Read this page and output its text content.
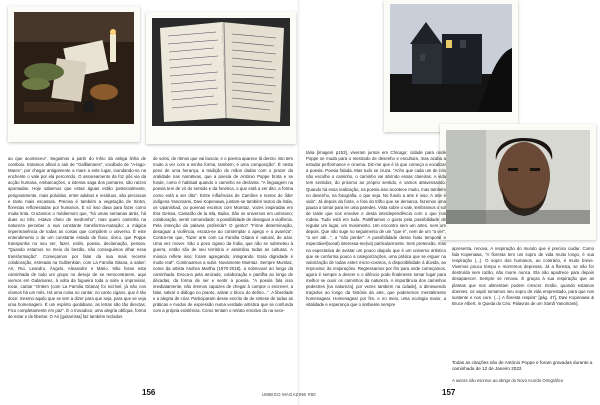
ao que aconteceu". Seguimos a partir do Inhio da antiga linha de comboio. Estamos afinal a sair de "Galllamares", vocábulo de "A-lago-Mares", por chegar antigamente a mare a este lugar, inundando-se na enchente o vale por ela percorrido. O assoreamento da foz pôs via da acção humana, embarcações, a intensa saga dos pomares, são raízes apontadas. Hoje sabemos que estas águas estão potencialmente, perigosamente, mais poluídas, entre adubos e resíduos, são preciosas e tanto mais escassas. Precisa é também a vegetação de Sintra, florestas reflorestadas por humanos. E só isso dava para fazer como muita tinta. Cruzamos o médiemom que, "há umas semanas atrás, há duas ou três, estava cheio de medronho", mas quem caminha na natureza perceber a sua constante transforma-mutação; a mágica impermanência de todas as coisas que compõem o universo. É este entendimento o de um constante estado de fluxo, ónico, que Poppe transpunha no seu ser, fazer, estilo, poesia, declamação, pessoa. "Quando estamos no meio do bestão, não conseguimos olhar essa transformação". Começamos por falar da sua mais recente colaboração, estreada na Gulbenkian, com La Familia Gitana, a saber: Ari, Rui, Leandro, Ângelo, Alexandre e Mário. Não fosse esta caminhada de todo um grupo no desejo de se reencontrarem, aqui viemos em Galamares, à volta da fogueira toda a noite a improvisar, tocar, cantar "Ontem (com La Familia Gitana) foi incrível, já não nos víamos há um mês. Há uma coisa no cantar, no canto cigano, que é tão doce: mesmo aquilo que se tem a dizer para que seja, para que se veja uma homenagem. É um espírito quotidiano, as letras são tão directas. Fico completamente em paz". É o trovadour, uma alegria oblíqua, forma de estar e de libertar. O Ari [guitarrista] faz também teclados

de solos, de ritmos que vai buscar, e o poema aparece lá dentro: isto tem muito a ver com a minha forma, também; é uma composição". É nesta peso de uma herança, a tradição de mãos dadas com o prazer da oralidade nas narrativas, que a poesia de António Poppe brota e se funde, como é habitual quando o caminho se declama. "A linguagem na poesia tem de vir do sentido e da fonética, o que está a ser dito, a forma como está a ser dito". Entre influências de Camões e textos do líder indígena Yanomami, Davi Kopenawa, juntam-se também textos da Índia, os Upanishad, ou poemas escritos com Mumtaz, vozes inspiradas em Ibra Geissa, Camarão de la Isla, Buika. São os universos em uníssono; colaboração, sentir comunidade; a possibilidade de desaguar a violência. Pela intenção da palavra proferida? O gesto? "Firme determinação, desaguar a violência, escuta-se ao contemplar o apego e a avaréza". Contra-me que, "fazer arte com La Familia Gitana é natural, de azar. Uma vez mover. São o povo cigano da Índia, que não se submeteu à guerra, então são de seu território e assimilou todas as culturas. A música reflete isso; foram agregando, integrando. Essa dignidade é muito real". Continuamos a subir. Novamente Mumtaz. Sempre Mumtaz, nome da artista Andrea Martha (1970-2018), a sobrevoar ao longo da caminhada. Evoca-a pela amizade, colaboração e partilha ao longo de décadas, da forma de ser e sentir a poesia. "A poesia fala isso imediatamente, não irremos capazes de chegar à compor o escrever, a falar, salvar o diálogo no pranto, salvar o bloco do delírio...". A liberdade e a alegria de criar. Participaram desse escrito de de sintese de todas as práticas e modos de expressão numa verdade artística que se confunda com a própria existência. Como tentam o retrato emotivo do na sece-

156

tária [imagem p153], viveram juntos em Chicago; cidade para onde Poppe se muda para o mestrado de desenho e escultura, mas acaba a estudar performance e cinema. Diz-me que é lá que começa a vocalizar a poesia. Poesia falada. Mas tudo se cruza. "Acho que cada um de nós não escolhe o caminho, o caminho vai abrindo essas clareiras. A vida tem sentidos, do próximo ao próprio sentido, e vamos atravessando. Quando há essa realização, na poesia isso acontece muito, mas também no desenho, na fotografia, o que seja. No fundo a arte é isso. A arte é vida". Já depois da fonte, e fora do trilho que se demarca, fazemos uma pausa a tomar para ler uma paredes. Vista sobre o vale, lembramos o sol de tarde que nos envolve e desta interdependência com o que nos rodeia. Tudo está em tudo. Partilhamos o gosto pela possibilidade de regular um lugar, um movimento. Um encontro sem um artes, nem um depois. Que não suge no seguimento de um "que é", nem de um "a ver", "a ver até...", a "não perder". A possibilidade desse hiato temporal e espectável(sonal) interessa-me(va) particularmente. Sem pretensão, mas na expectativa de avistar um pouco daquilo que é um universo artístico que se conforma pouco a categorizações, uma prática que se erguer na valorização de todas estes micro-cosmos, a disponibilidade à dúvida, ao improviso; às respirações. Regressamos por fim para onde começamos, agora é sempre a descer e o silêncio pode finalmente tomar lugar para melhor se ouvir os caminhos da natureza. A importância dos caminhos pedestres [na natureza], por vezes também na cidade], a diminuendo traçados ao longo da história da arte, que poderemos mentalmente homenagear. Homenagear por fim, e no meio, uma ecologia maior, a vitalidade e esperança que o ambiente sempre

apresenta, renova. A respiração do mundo que é preciso cuidar. Como fala Kopenawa, "A floresta tem um sopro de vida muito longo, é sua respiração (...). O sopro dos humanos, ao contrário, é muito breve. Vivemos pouco tempo e morremos depressa. Já a floresta, se não for destruída sem razão, não morre nunca. Ela não apodrece para depois desaparecer. Sempre se renova. É graças à sua respiração que as plantas que nos alimentam podem crescer. Então, quando estamos doentes, os xapiri tomamos seu sopro de vida emprestado, para que nos sustente e nos cure. (...) A floresta respira" [pág. 47], Davi Kopenawa & Bruce Albert, in Queda do Céu: Palavras de um Xamã Yanomami].

Todas as citações são de António Poppe e foram gravadas durante a caminhada de 12 de Janeiro 2022.
A autora não escreve ao abrigo do Novo Acordo Ortográfico
157
UMBIGO MAGAZINE #80
